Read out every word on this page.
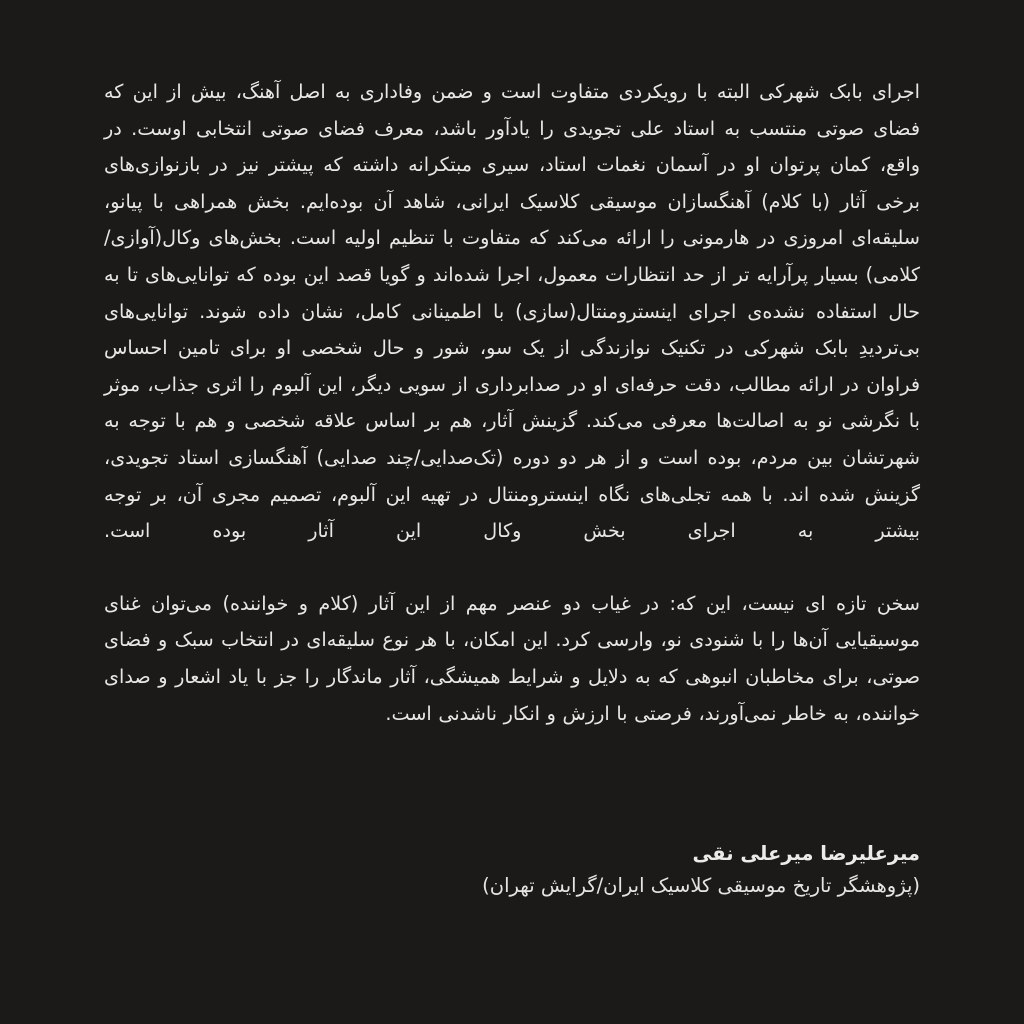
اجرای بابک شهرکی البته با رویکردی متفاوت است و ضمن وفاداری به اصل آهنگ، بیش از این که فضای صوتی منتسب به استاد علی تجویدی را یادآور باشد، معرف فضای صوتی انتخابی اوست. در واقع، کمان پرتوان او در آسمان نغمات استاد، سیری مبتکرانه داشته که پیشتر نیز در بازنوازی‌های برخی آثار (با کلام) آهنگسازان موسیقی کلاسیک ایرانی، شاهد آن بوده‌ایم. بخش همراهی با پیانو، سلیقه‌ای امروزی در هارمونی را ارائه می‌کند که متفاوت با تنظیم اولیه است. بخش‌های وکال(آوازی/کلامی) بسیار پرآرایه تر از حد انتظارات معمول، اجرا شده‌اند و گویا قصد این بوده که توانایی‌های تا به حال استفاده نشده‌ی اجرای اینسترومنتال(سازی) با اطمینانی کامل، نشان داده شوند. توانایی‌های بی‌تردیدِ بابک شهرکی در تکنیک نوازندگی از یک سو، شور و حال شخصی او برای تامین احساس فراوان در ارائه مطالب، دقت حرفه‌ای او در صدابرداری از سویی دیگر، این آلبوم را اثری جذاب، موثر با نگرشی نو به اصالت‌ها معرفی می‌کند. گزینش آثار، هم بر اساس علاقه شخصی و هم با توجه به شهرتشان بین مردم، بوده است و از هر دو دوره (تک‌صدایی/چند صدایی) آهنگسازی استاد تجویدی، گزینش شده اند. با همه تجلی‌های نگاه اینسترومنتال در تهیه این آلبوم، تصمیم مجری آن، بر توجه بیشتر به اجرای بخش وکال این آثار بوده است.

سخن تازه ای نیست، این که: در غیاب دو عنصر مهم از این آثار (کلام و خواننده) می‌توان غنای موسیقیایی آن‌ها را با شنودی نو، وارسی کرد. این امکان، با هر نوع سلیقه‌ای در انتخاب سبک و فضای صوتی، برای مخاطبان انبوهی که به دلایل و شرایط همیشگی، آثار ماندگار را جز با یاد اشعار و صدای خواننده، به خاطر نمی‌آورند، فرصتی با ارزش و انکار ناشدنی است.

میرعلیرضا میرعلی نقی

(پژوهشگر تاریخ موسیقی کلاسیک ایران/گرایش تهران)
